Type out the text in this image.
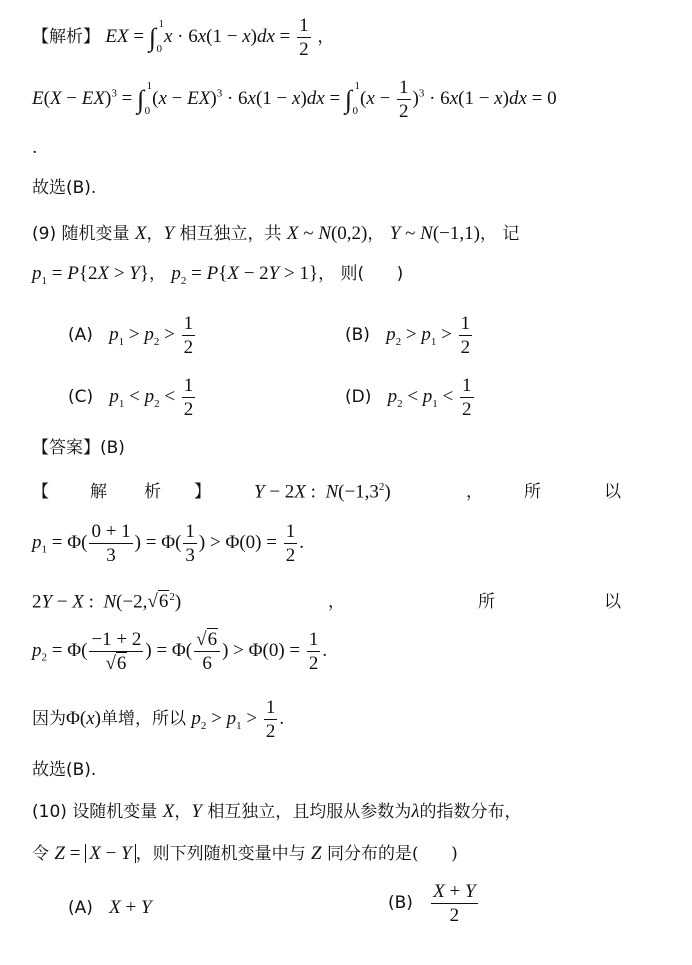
【解析】 EX = ∫ 1
0
$x \cdot 6x(1 - x)dx = \frac{1}{2}$ ，
E(X − EX)$^3$ = ∫ 1
0
(x − EX)$^3$ · 6x(1 − x)dx = ∫ 1
0
$(x - \frac{1}{2} )^3 \cdot 6x(1 - x)dx = 0$
.
故选(B).
(9) 随机变量 X，Y 相互独立，共 X ~ N(0,2)， Y ~ N(−1,1)， 记
$p_1 = P\{2X > Y\}$， $p_2 = P\{X - 2Y > 1\}$， 则( )
(A) $p_1 > p_2 > \frac{1}{2}$	(B) $p_2 > p_1 > \frac{1}{2}$
(C) $p_1 < p_2 < \frac{1}{2}$	(D) $p_2 < p_1 < \frac{1}{2}$
【答案】(B)
【 解 析 】 Y − 2X :  $N(-1,3^2)$	， 所	以
$p_1 = \Phi( \frac{0 + 1}{3}$ ) = $\Phi( \frac{1}{3}$ ) > $\Phi(0) = \frac{1}{2}$ .
2Y − X :  $N(-2,√6^2)$	，	所	以
$p_2 = \Phi( \frac{-1 + 2}{√6}$ ) = $\Phi( \frac{√6}{6}$ ) > $\Phi(0) = \frac{1}{2}$ .
因为Φ(x)单增，所以 $p_2 > p_1 > \frac{1}{2}$ .
故选(B).
(10) 设随机变量 X，Y 相互独立，且均服从参数为λ的指数分布，
令 Z = X − Y ，则下列随机变量中与 Z 同分布的是( )
(A) X + Y	$(B) \frac{X + Y}{2}$
